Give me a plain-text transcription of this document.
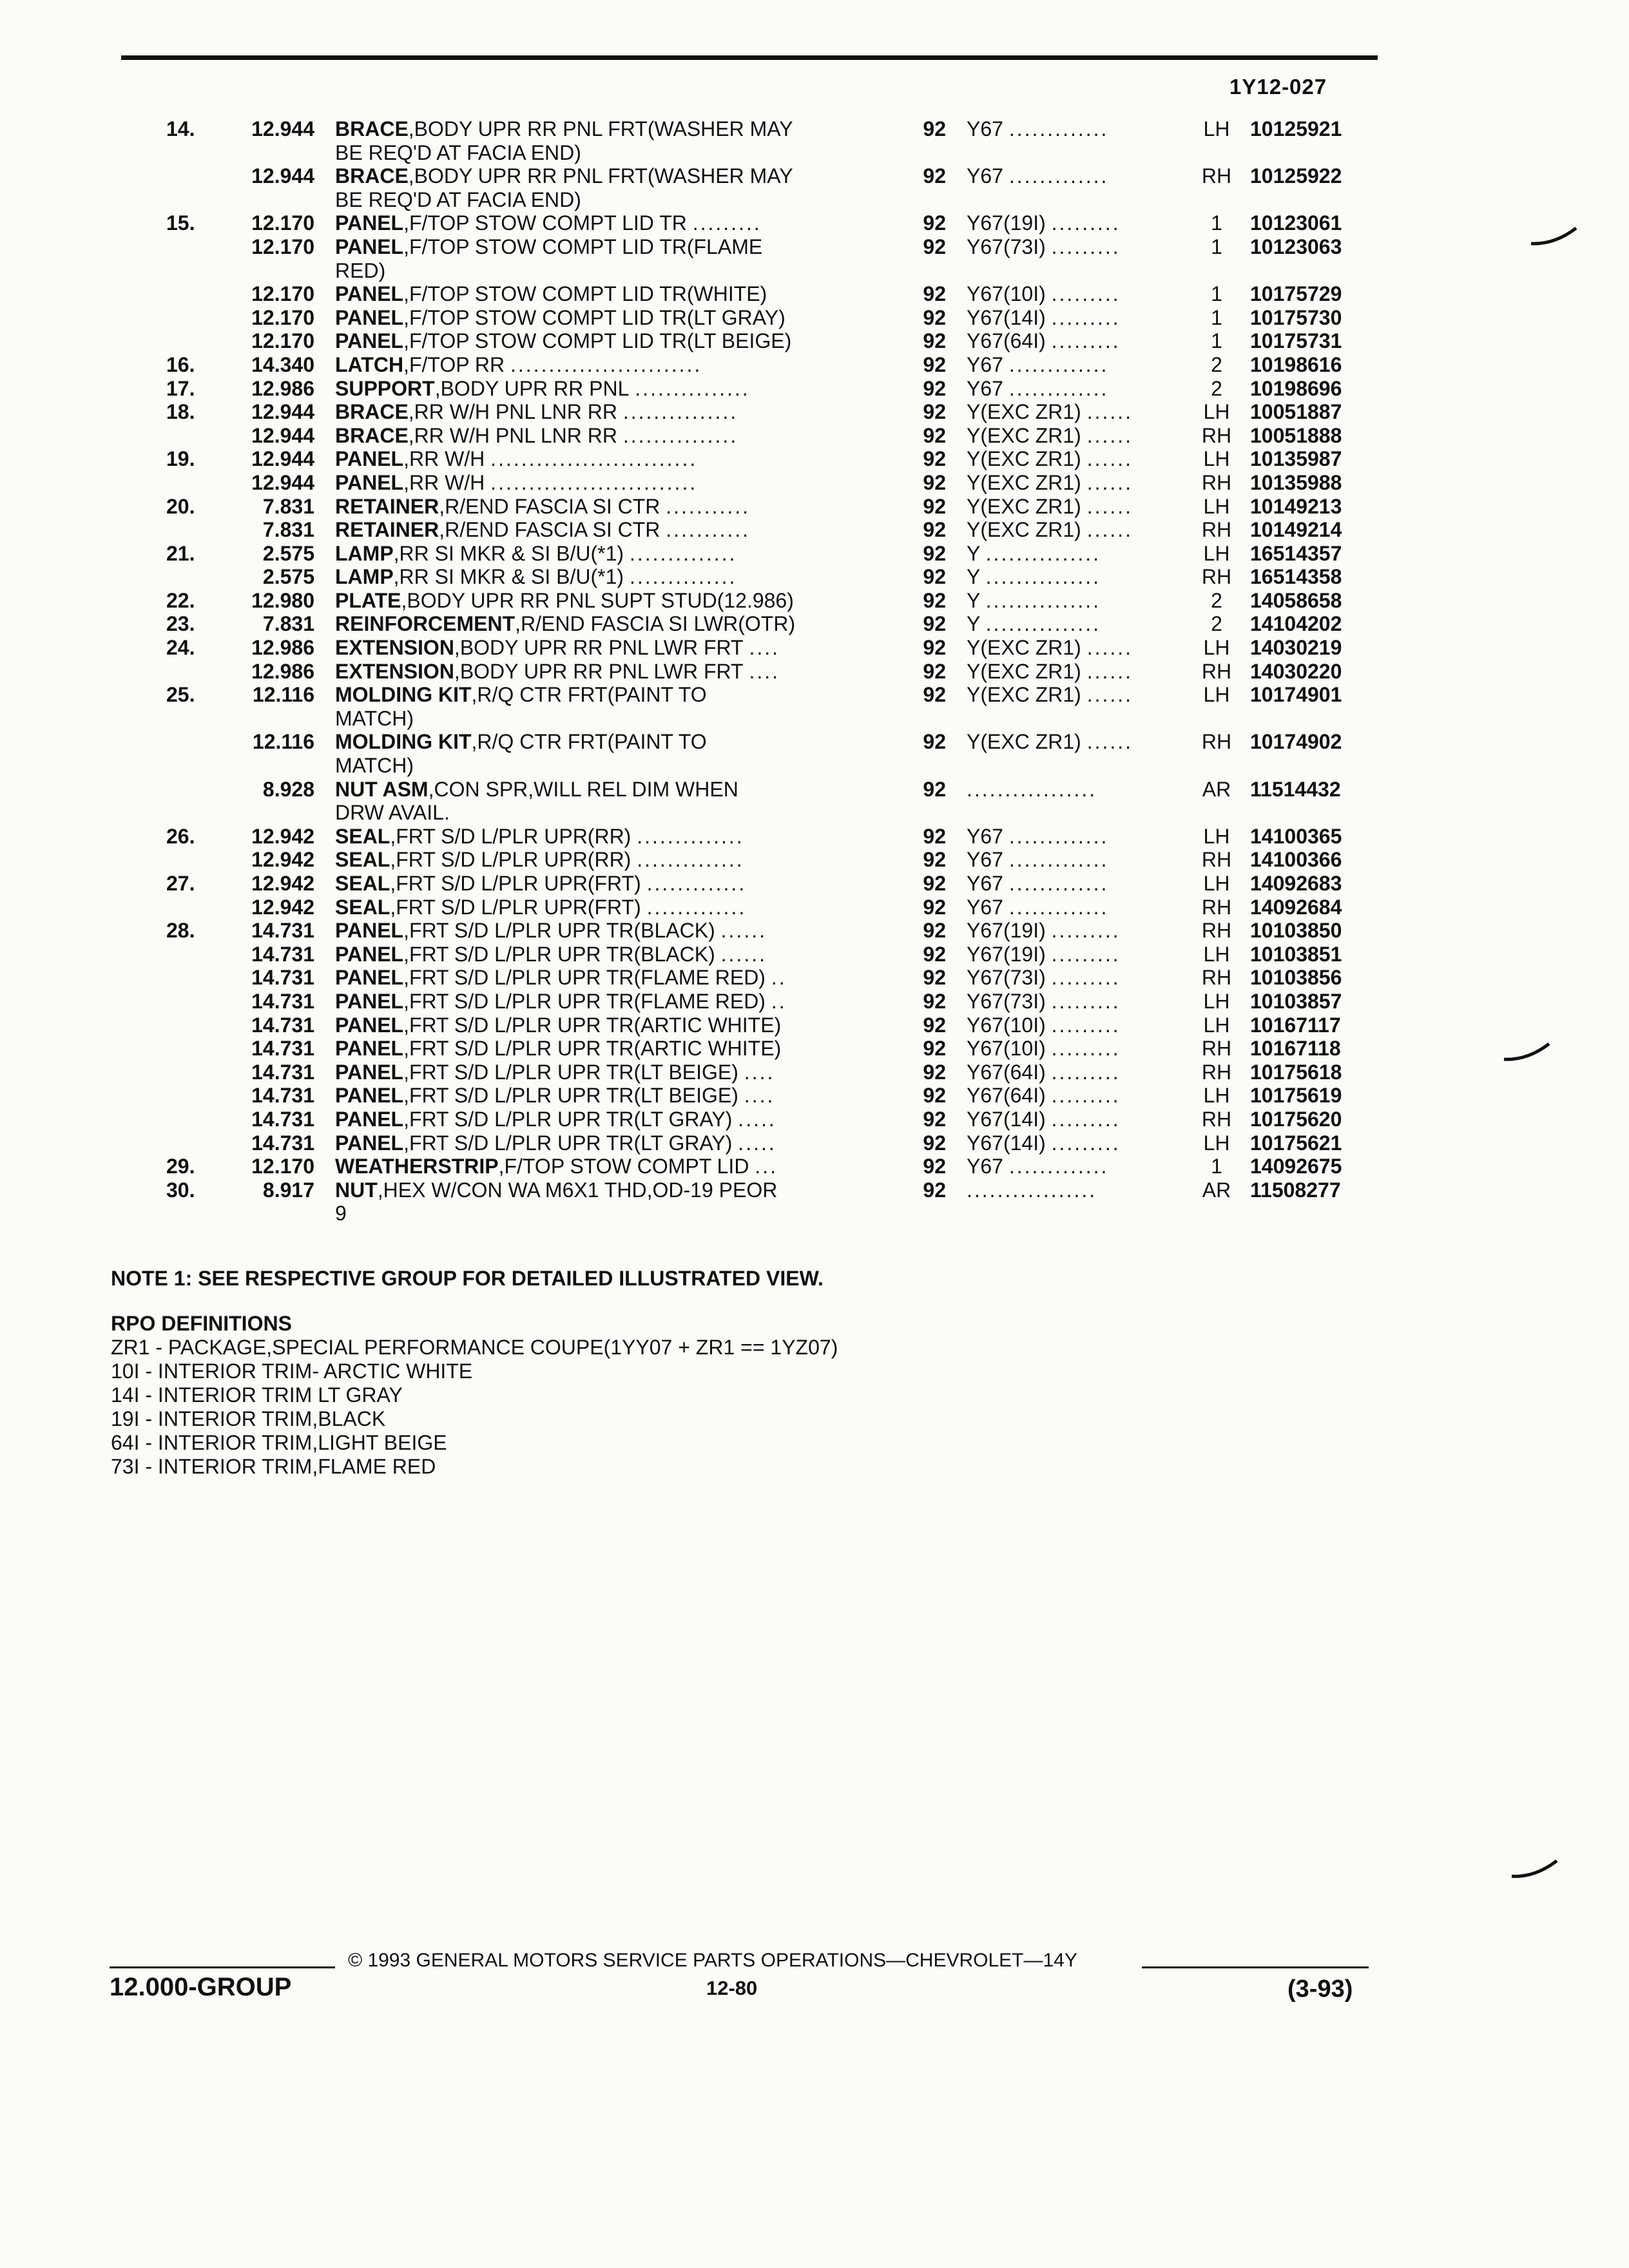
1Y12-027
14.	12.944 BRACE,BODY UPR RR PNL FRT(WASHER MAY	92 Y67 .............	LH 10125921
BE REQ'D AT FACIA END)
12.944 BRACE,BODY UPR RR PNL FRT(WASHER MAY	92 Y67 .............	RH 10125922
BE REQ'D AT FACIA END)
15.	12.170 PANEL,F/TOP STOW COMPT LID TR .........	92 Y67(19I) .........	1	10123061
12.170 PANEL,F/TOP STOW COMPT LID TR(FLAME	92 Y67(73I) .........	1	10123063
RED)
12.170 PANEL,F/TOP STOW COMPT LID TR(WHITE)	92 Y67(10I) .........	1	10175729
12.170 PANEL,F/TOP STOW COMPT LID TR(LT GRAY)	92 Y67(14I) .........	1	10175730
12.170 PANEL,F/TOP STOW COMPT LID TR(LT BEIGE)	92 Y67(64I) .........	1	10175731
16.	14.340 LATCH,F/TOP RR .........................	92 Y67 .............	2	10198616
17.	12.986 SUPPORT,BODY UPR RR PNL ...............	92 Y67 .............	2	10198696
18.	12.944 BRACE,RR W/H PNL LNR RR ...............	92 Y(EXC ZR1) ......	LH 10051887
12.944 BRACE,RR W/H PNL LNR RR ...............	92 Y(EXC ZR1) ......	RH 10051888
19.	12.944 PANEL,RR W/H ...........................	92 Y(EXC ZR1) ......	LH 10135987
12.944 PANEL,RR W/H ...........................	92 Y(EXC ZR1) ......	RH 10135988
20.	7.831 RETAINER,R/END FASCIA SI CTR ...........	92 Y(EXC ZR1) ......	LH 10149213
7.831 RETAINER,R/END FASCIA SI CTR ...........	92 Y(EXC ZR1) ......	RH 10149214
21.	2.575 LAMP,RR SI MKR & SI B/U(*1) ..............	92 Y ...............	LH 16514357
2.575 LAMP,RR SI MKR & SI B/U(*1) ..............	92 Y ...............	RH 16514358
22.	12.980 PLATE,BODY UPR RR PNL SUPT STUD(12.986)	92 Y ...............	2	14058658
23.	7.831 REINFORCEMENT,R/END FASCIA SI LWR(OTR)	92 Y ...............	2	14104202
24.	12.986 EXTENSION,BODY UPR RR PNL LWR FRT ....	92 Y(EXC ZR1) ......	LH 14030219
12.986 EXTENSION,BODY UPR RR PNL LWR FRT ....	92 Y(EXC ZR1) ......	RH 14030220
25.	12.116 MOLDING KIT,R/Q CTR FRT(PAINT TO	92 Y(EXC ZR1) ......	LH 10174901
MATCH)
12.116 MOLDING KIT,R/Q CTR FRT(PAINT TO	92 Y(EXC ZR1) ......	RH 10174902
MATCH)
8.928 NUT ASM,CON SPR,WILL REL DIM WHEN	92 .................	AR 11514432
DRW AVAIL.
26.	12.942 SEAL,FRT S/D L/PLR UPR(RR) ..............	92 Y67 .............	LH 14100365
12.942 SEAL,FRT S/D L/PLR UPR(RR) ..............	92 Y67 .............	RH 14100366
27.	12.942 SEAL,FRT S/D L/PLR UPR(FRT) .............	92 Y67 .............	LH 14092683
12.942 SEAL,FRT S/D L/PLR UPR(FRT) .............	92 Y67 .............	RH 14092684
28.	14.731 PANEL,FRT S/D L/PLR UPR TR(BLACK) ......	92 Y67(19I) .........	RH 10103850
14.731 PANEL,FRT S/D L/PLR UPR TR(BLACK) ......	92 Y67(19I) .........	LH 10103851
14.731 PANEL,FRT S/D L/PLR UPR TR(FLAME RED) ..	92 Y67(73I) .........	RH 10103856
14.731 PANEL,FRT S/D L/PLR UPR TR(FLAME RED) ..	92 Y67(73I) .........	LH 10103857
14.731 PANEL,FRT S/D L/PLR UPR TR(ARTIC WHITE)	92 Y67(10I) .........	LH 10167117
14.731 PANEL,FRT S/D L/PLR UPR TR(ARTIC WHITE)	92 Y67(10I) .........	RH 10167118
14.731 PANEL,FRT S/D L/PLR UPR TR(LT BEIGE) ....	92 Y67(64I) .........	RH 10175618
14.731 PANEL,FRT S/D L/PLR UPR TR(LT BEIGE) ....	92 Y67(64I) .........	LH 10175619
14.731 PANEL,FRT S/D L/PLR UPR TR(LT GRAY) .....	92 Y67(14I) .........	RH 10175620
14.731 PANEL,FRT S/D L/PLR UPR TR(LT GRAY) .....	92 Y67(14I) .........	LH 10175621
29.	12.170 WEATHERSTRIP,F/TOP STOW COMPT LID ...	92 Y67 .............	1	14092675
30.	8.917 NUT,HEX W/CON WA M6X1 THD,OD-19 PEOR	92 .................	AR 11508277
9
NOTE 1: SEE RESPECTIVE GROUP FOR DETAILED ILLUSTRATED VIEW.
RPO DEFINITIONS
ZR1 - PACKAGE,SPECIAL PERFORMANCE COUPE(1YY07 + ZR1 == 1YZ07)
10I - INTERIOR TRIM- ARCTIC WHITE
14I - INTERIOR TRIM LT GRAY
19I - INTERIOR TRIM,BLACK
64I - INTERIOR TRIM,LIGHT BEIGE
73I - INTERIOR TRIM,FLAME RED
© 1993 GENERAL MOTORS SERVICE PARTS OPERATIONS—CHEVROLET—14Y
12.000-GROUP	12-80	(3-93)
